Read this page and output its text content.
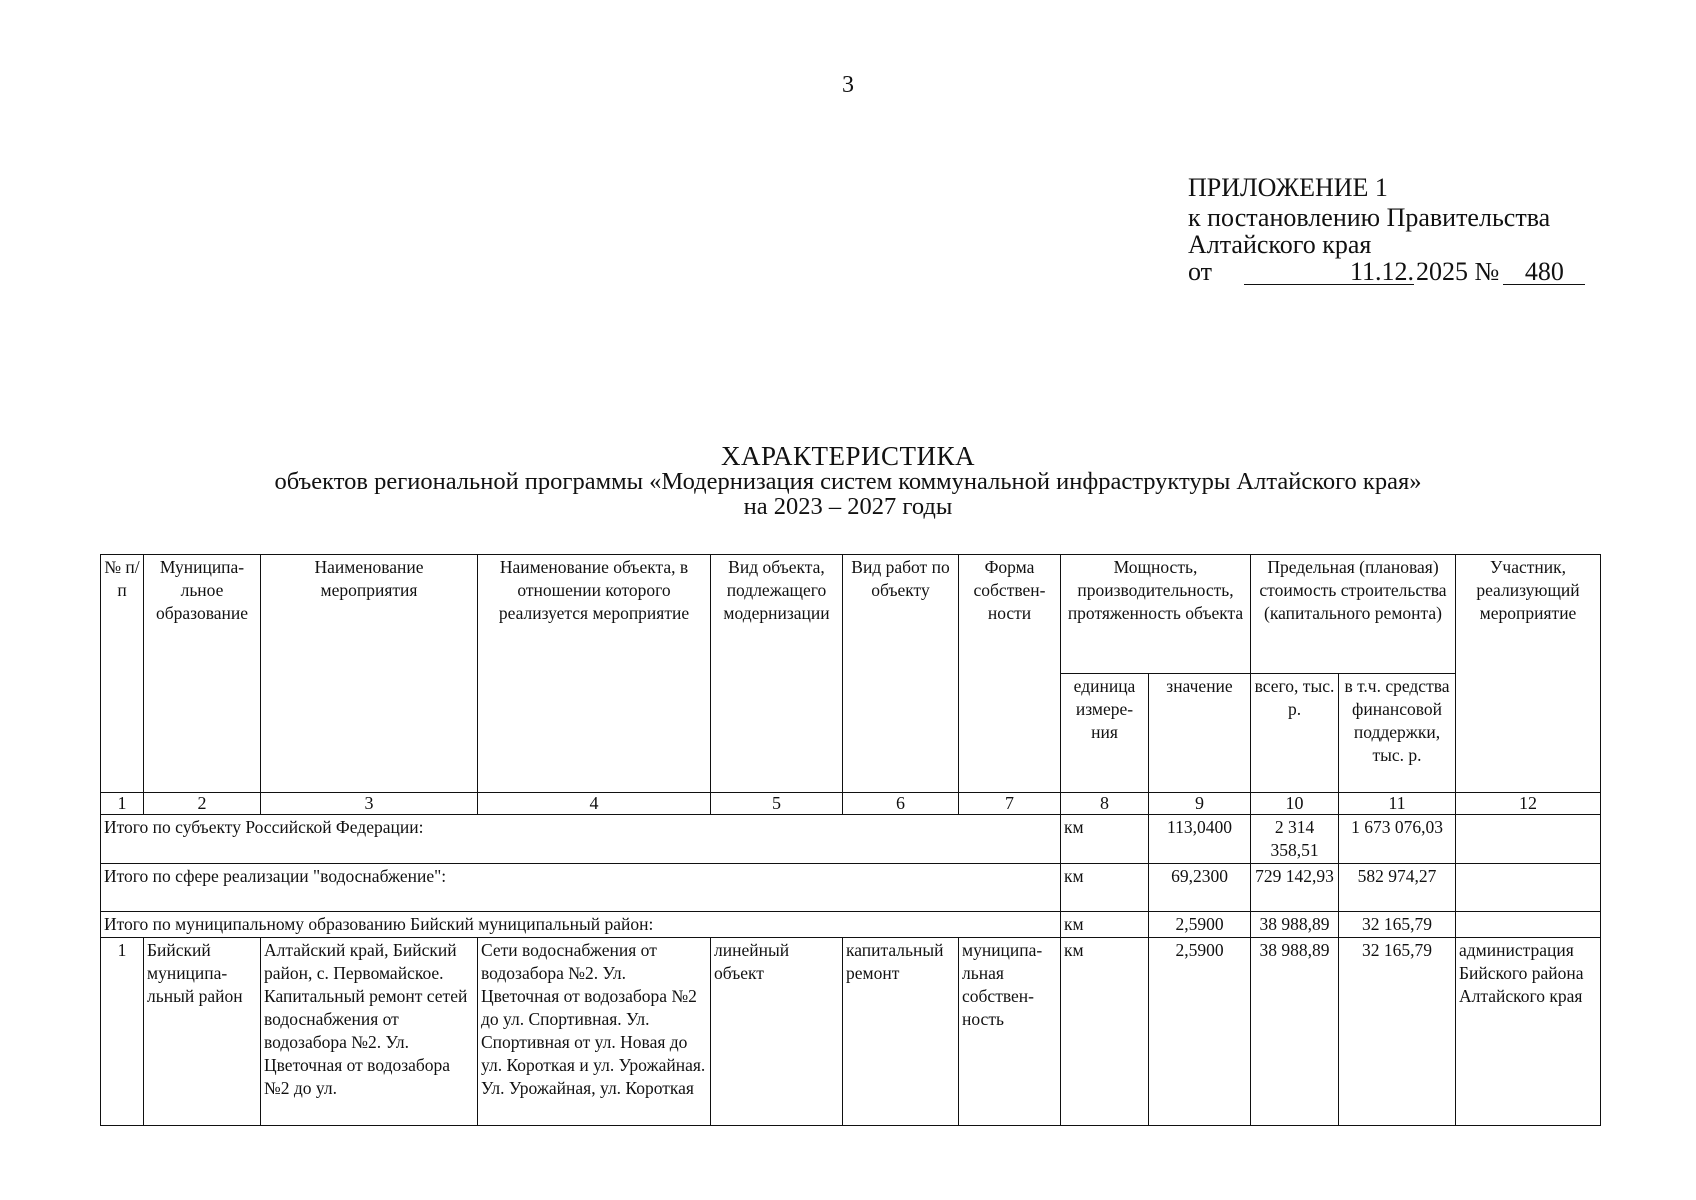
3
ПРИЛОЖЕНИЕ 1
к постановлению Правительства
Алтайского края
от	11.12. 2025 № 480
ХАРАКТЕРИСТИКА
объектов региональной программы «Модернизация систем коммунальной инфраструктуры Алтайского края»
на 2023 – 2027 годы
№ п/п	Муниципа-льное образование	Наименование мероприятия	Наименование объекта, в отношении которого реализуется мероприятие	Вид объекта, подлежащего модернизации	Вид работ по объекту	Форма собствен-ности	Мощность, производительность, протяженность объекта		Предельная (плановая) стоимость строительства (капитального ремонта)		Участник, реализующий мероприятие
							единица измере-ния	значение	всего, тыс. р.	в т.ч. средства финансовой поддержки, тыс. р.	
1	2	3	4	5	6	7	8	9	10	11	12
Итого по субъекту Российской Федерации:							км	113,0400	2 314 358,51	1 673 076,03	
Итого по сфере реализации "водоснабжение":							км	69,2300	729 142,93	582 974,27	
Итого по муниципальному образованию Бийский муниципальный район:							км	2,5900	38 988,89	32 165,79	
1	Бийский муниципа-льный район	Алтайский край, Бийский район, с. Первомайское. Капитальный ремонт сетей водоснабжения от водозабора №2. Ул. Цветочная от водозабора №2 до ул.	Сети водоснабжения от водозабора №2. Ул. Цветочная от водозабора №2 до ул. Спортивная. Ул. Спортивная от ул. Новая до ул. Короткая и ул. Урожайная. Ул. Урожайная, ул. Короткая	линейный объект	капитальный ремонт	муниципа-льная собствен-ность	км	2,5900	38 988,89	32 165,79	администрация Бийского района Алтайского края
